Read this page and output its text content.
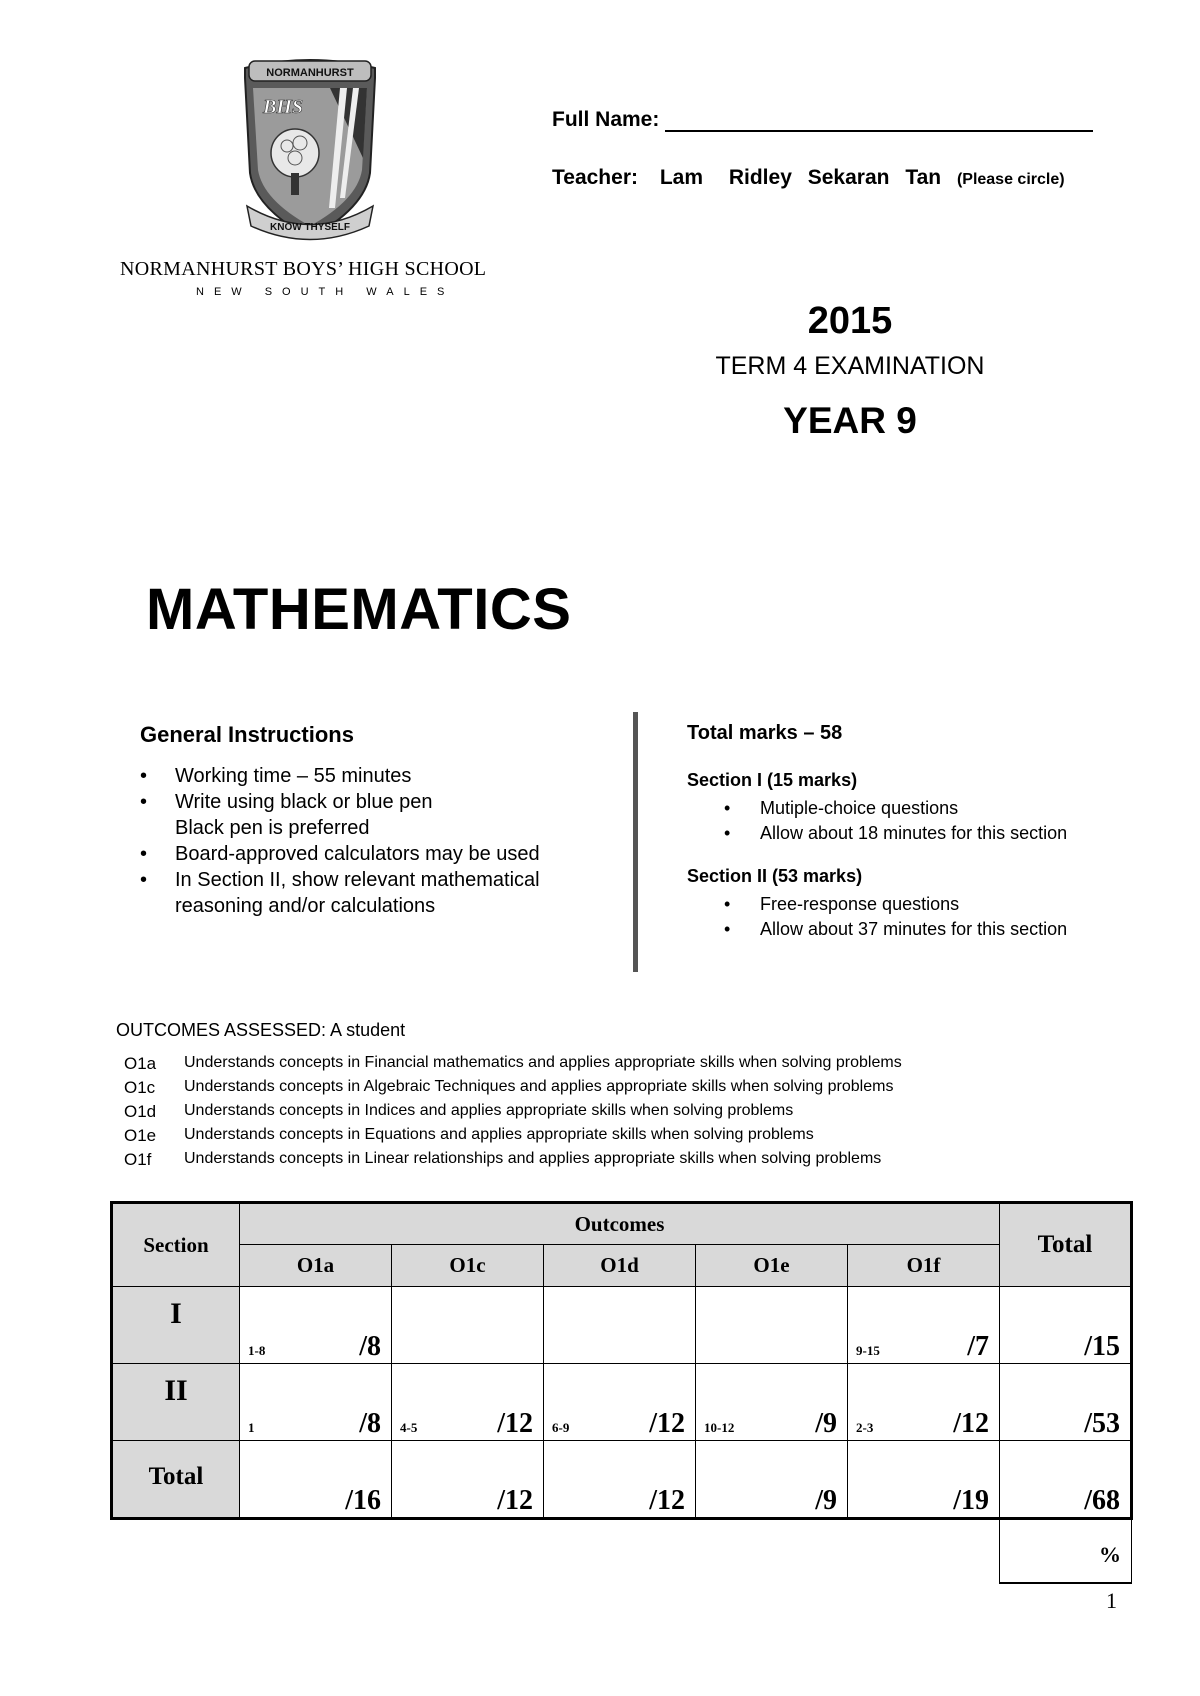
NORMANHURST
BHS
KNOW THYSELF
NORMANHURST BOYS’ HIGH SCHOOL
NEW SOUTH WALES
Full Name:
Teacher: Lam Ridley Sekaran Tan (Please circle)
2015
TERM 4 EXAMINATION
YEAR 9
MATHEMATICS
General Instructions
• Working time – 55 minutes
• Write using black or blue pen
Black pen is preferred
• Board-approved calculators may be used
• In Section II, show relevant mathematical
reasoning and/or calculations
Total marks – 58
Section I (15 marks)
• Mutiple-choice questions
• Allow about 18 minutes for this section
Section II (53 marks)
• Free-response questions
• Allow about 37 minutes for this section
OUTCOMES ASSESSED: A student
O1a	Understands concepts in Financial mathematics and applies appropriate skills when solving problems
O1c	Understands concepts in Algebraic Techniques and applies appropriate skills when solving problems
O1d	Understands concepts in Indices and applies appropriate skills when solving problems
O1e	Understands concepts in Equations and applies appropriate skills when solving problems
O1f	Understands concepts in Linear relationships and applies appropriate skills when solving problems
Section	Outcomes					Total
	O1a	O1c	O1d	O1e	O1f	
I	1-8 /8				9-15 /7	/15

II	1 /8	4-5 /12	6-9 /12	10-12 /9	2-3 /12	/53

Total	/16	/12	/12	/9	/19	/68

						%
1
